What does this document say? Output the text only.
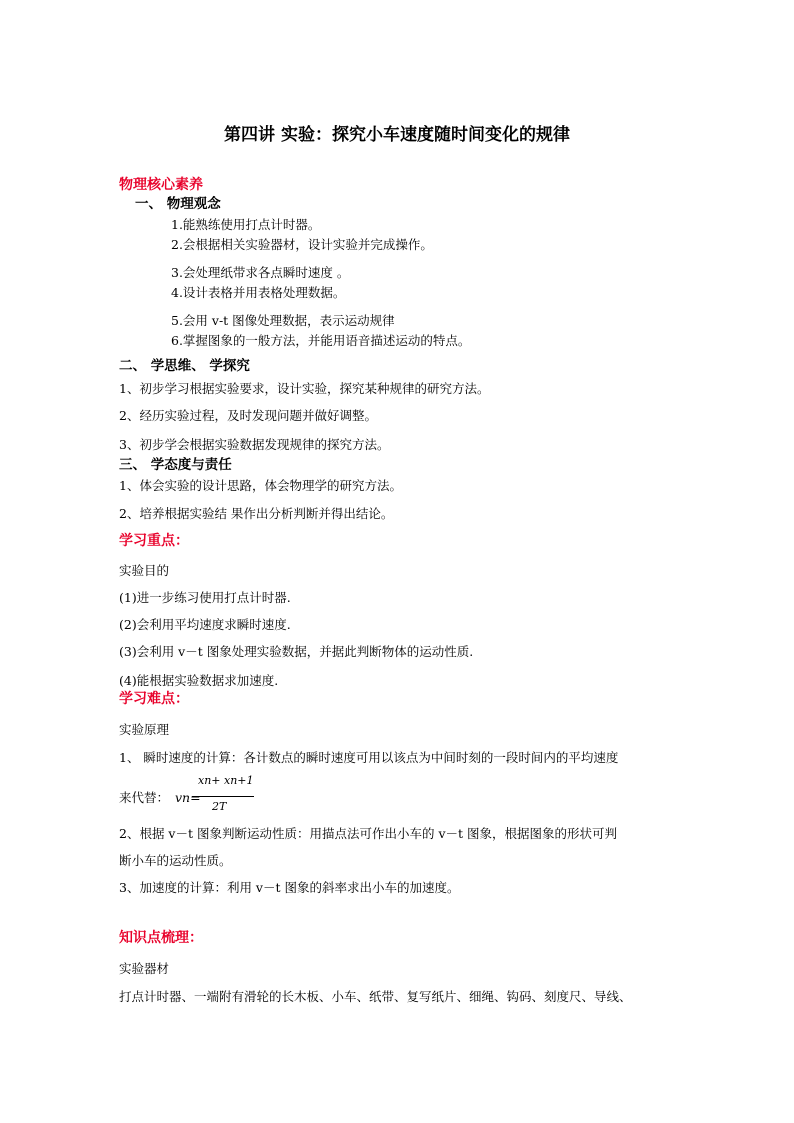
第四讲 实验：探究小车速度随时间变化的规律
物理核心素养
一、 物理观念
1.能熟练使用打点计时器。
2.会根据相关实验器材，设计实验并完成操作。
3.会处理纸带求各点瞬时速度 。
4.设计表格并用表格处理数据。
5.会用 v-t 图像处理数据，表示运动规律
6.掌握图象的一般方法，并能用语音描述运动的特点。
二、 学思维、 学探究
1、初步学习根据实验要求，设计实验，探究某种规律的研究方法。
2、经历实验过程，及时发现问题并做好调整。
3、初步学会根据实验数据发现规律的探究方法。
三、 学态度与责任
1、体会实验的设计思路，体会物理学的研究方法。
2、培养根据实验结 果作出分析判断并得出结论。
学习重点：
实验目的
(1)进一步练习使用打点计时器.
(2)会利用平均速度求瞬时速度.
(3)会利用 v－t 图象处理实验数据，并据此判断物体的运动性质.
(4)能根据实验数据求加速度.
学习难点：
实验原理
1、 瞬时速度的计算：各计数点的瞬时速度可用以该点为中间时刻的一段时间内的平均速度
来代替： vn=
xn+ xn+1
2T
2、根据 v－t 图象判断运动性质：用描点法可作出小车的 v－t 图象，根据图象的形状可判
断小车的运动性质。
3、加速度的计算：利用 v－t 图象的斜率求出小车的加速度。
知识点梳理：
实验器材
打点计时器、一端附有滑轮的长木板、小车、纸带、复写纸片、细绳、钩码、刻度尺、导线、
